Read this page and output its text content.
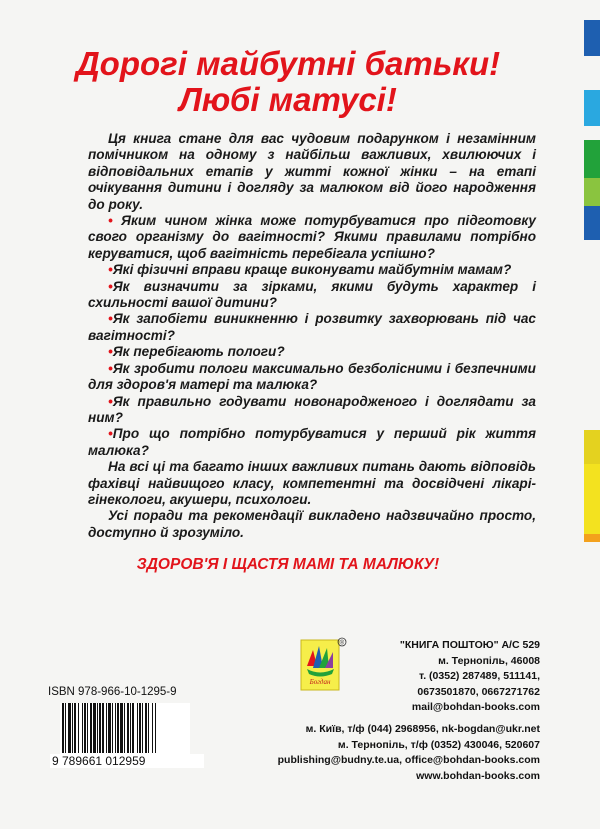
Дорогі майбутні батьки!
Любі матусі!

Ця книга стане для вас чудовим подарунком і незамінним помічником на одному з найбільш важливих, хвилюючих і відповідальних етапів у житті кожної жінки – на етапі очікування дитини і догляду за малюком від його народження до року.

• Яким чином жінка може потурбуватися про підготовку свого організму до вагітності? Якими правилами потрібно керуватися, щоб вагітність перебігала успішно?

•Які фізичні вправи краще виконувати майбутнім мамам?

•Як визначити за зірками, якими будуть характер і схильності вашої дитини?

•Як запобігти виникненню і розвитку захворювань під час вагітності?

•Як перебігають пологи?

•Як зробити пологи максимально безболісними і безпечними для здоров'я матері та малюка?

•Як правильно годувати новонародженого і доглядати за ним?

•Про що потрібно потурбуватися у перший рік життя малюка?

На всі ці та багато інших важливих питань дають відповідь фахівці найвищого класу, компетентні та досвідчені лікарі-гінекологи, акушери, психологи.

Усі поради та рекомендації викладено надзвичайно просто, доступно й зрозуміло.

ЗДОРОВ'Я І ЩАСТЯ МАМІ ТА МАЛЮКУ!
Богдан
®	"КНИГА ПОШТОЮ" А/С 529
м. Тернопіль, 46008
т. (0352) 287489, 511141,
0673501870, 0667271762
mail@bohdan-books.com
ISBN 978-966-10-1295-9
9 789661 012959
м. Київ, т/ф (044) 2968956, nk-bogdan@ukr.net
м. Тернопіль, т/ф (0352) 430046, 520607
publishing@budny.te.ua, office@bohdan-books.com
www.bohdan-books.com
